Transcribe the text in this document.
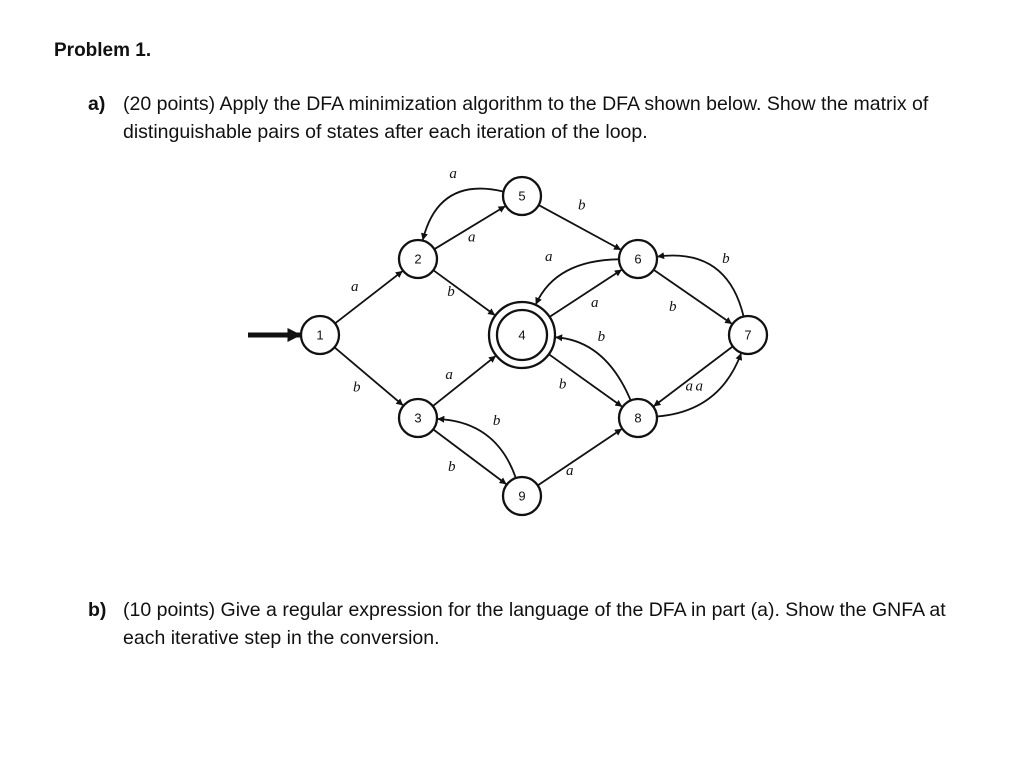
Problem 1.
a) (20 points) Apply the DFA minimization algorithm to the DFA shown below. Show the matrix of distinguishable pairs of states after each iteration of the loop.
a
b
a
a
b
b
a
b
b
a
a
a	b
b
b
b
a a
1
2
3
4
5
6
7
8
9
b) (10 points) Give a regular expression for the language of the DFA in part (a). Show the GNFA at each iterative step in the conversion.
